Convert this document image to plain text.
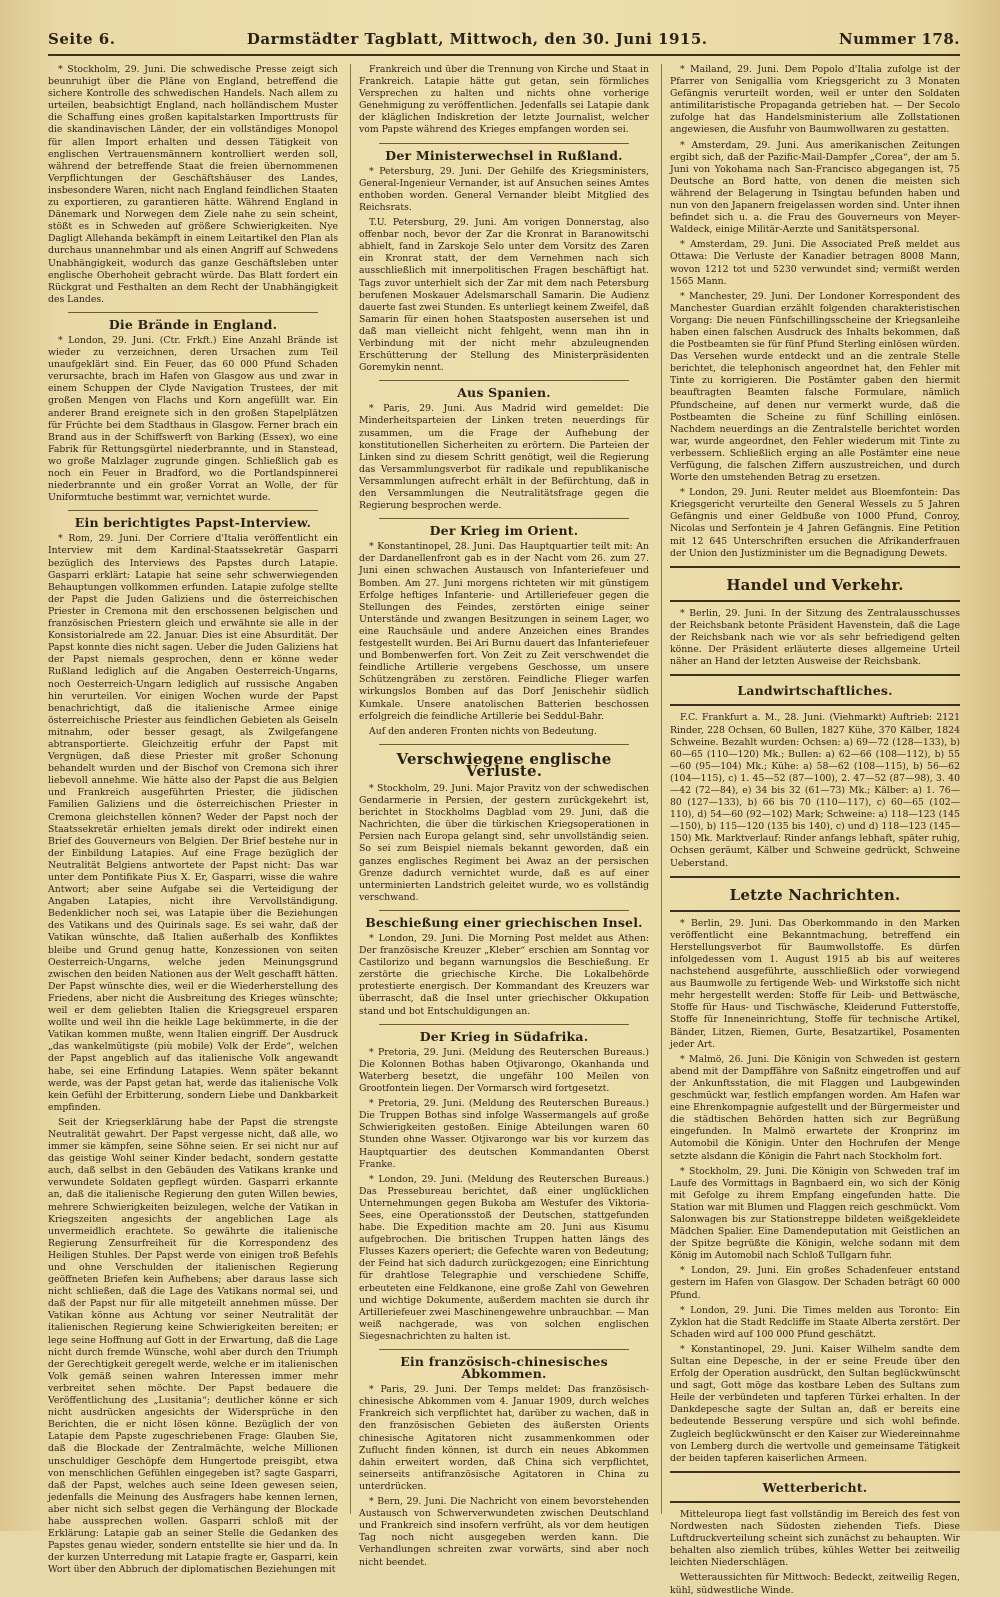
Seite 6.	Darmstädter Tagblatt, Mittwoch, den 30. Juni 1915.	Nummer 178.

* Stockholm, 29. Juni. Die schwedische Presse zeigt sich beunruhigt über die Pläne von England, betreffend die sichere Kontrolle des schwedischen Handels. Nach allem zu urteilen, beabsichtigt England, nach holländischem Muster die Schaffung eines großen kapitalstarken Importtrusts für die skandinavischen Länder, der ein vollständiges Monopol für allen Import erhalten und dessen Tätigkeit von englischen Vertrauensmännern kontrolliert werden soll, während der betreffende Staat die freien übernommenen Verpflichtungen der Geschäftshäuser des Landes, insbesondere Waren, nicht nach England feindlichen Staaten zu exportieren, zu garantieren hätte. Während England in Dänemark und Norwegen dem Ziele nahe zu sein scheint, stößt es in Schweden auf größere Schwierigkeiten. Nye Dagligt Allehanda bekämpft in einem Leitartikel den Plan als durchaus unannehmbar und als einen Angriff auf Schwedens Unabhängigkeit, wodurch das ganze Geschäftsleben unter englische Oberhoheit gebracht würde. Das Blatt fordert ein Rückgrat und Festhalten an dem Recht der Unabhängigkeit des Landes.

Die Brände in England.

* London, 29. Juni. (Ctr. Frkft.) Eine Anzahl Brände ist wieder zu verzeichnen, deren Ursachen zum Teil unaufgeklärt sind. Ein Feuer, das 60 000 Pfund Schaden verursachte, brach im Hafen von Glasgow aus und zwar in einem Schuppen der Clyde Navigation Trustees, der mit großen Mengen von Flachs und Korn angefüllt war. Ein anderer Brand ereignete sich in den großen Stapelplätzen für Früchte bei dem Stadthaus in Glasgow. Ferner brach ein Brand aus in der Schiffswerft von Barking (Essex), wo eine Fabrik für Rettungsgürtel niederbrannte, und in Stanstead, wo große Malzlager zugrunde gingen. Schließlich gab es noch ein Feuer in Bradford, wo die Portlandspinnerei niederbrannte und ein großer Vorrat an Wolle, der für Uniformtuche bestimmt war, vernichtet wurde.

Ein berichtigtes Papst-Interview.

* Rom, 29. Juni. Der Corriere d'Italia veröffentlicht ein Interview mit dem Kardinal-Staatssekretär Gasparri bezüglich des Interviews des Papstes durch Latapie. Gasparri erklärt: Latapie hat seine sehr schwerwiegenden Behauptungen vollkommen erfunden. Latapie zufolge stellte der Papst die Juden Galiziens und die österreichischen Priester in Cremona mit den erschossenen belgischen und französischen Priestern gleich und erwähnte sie alle in der Konsistorialrede am 22. Januar. Dies ist eine Absurdität. Der Papst konnte dies nicht sagen. Ueber die Juden Galiziens hat der Papst niemals gesprochen, denn er könne weder Rußland lediglich auf die Angaben Oesterreich-Ungarns, noch Oesterreich-Ungarn lediglich auf russische Angaben hin verurteilen. Vor einigen Wochen wurde der Papst benachrichtigt, daß die italienische Armee einige österreichische Priester aus feindlichen Gebieten als Geiseln mitnahm, oder besser gesagt, als Zwilgefangene abtransportierte. Gleichzeitig erfuhr der Papst mit Vergnügen, daß diese Priester mit großer Schonung behandelt wurden und der Bischof von Cremona sich ihrer liebevoll annehme. Wie hätte also der Papst die aus Belgien und Frankreich ausgeführten Priester, die jüdischen Familien Galiziens und die österreichischen Priester in Cremona gleichstellen können? Weder der Papst noch der Staatssekretär erhielten jemals direkt oder indirekt einen Brief des Gouverneurs von Belgien. Der Brief bestehe nur in der Einbildung Latapies. Auf eine Frage bezüglich der Neutralität Belgiens antwortete der Papst nicht: Das war unter dem Pontifikate Pius X. Er, Gasparri, wisse die wahre Antwort; aber seine Aufgabe sei die Verteidigung der Angaben Latapies, nicht ihre Vervollständigung. Bedenklicher noch sei, was Latapie über die Beziehungen des Vatikans und des Quirinals sage. Es sei wahr, daß der Vatikan wünschte, daß Italien außerhalb des Konfliktes bleibe und Grund genug hatte, Konzessionen von seiten Oesterreich-Ungarns, welche jeden Meinungsgrund zwischen den beiden Nationen aus der Welt geschafft hätten. Der Papst wünschte dies, weil er die Wiederherstellung des Friedens, aber nicht die Ausbreitung des Krieges wünschte; weil er dem geliebten Italien die Kriegsgreuel ersparen wollte und weil ihn die heikle Lage bekümmerte, in die der Vatikan kommen mußte, wenn Italien eingriff. Der Ausdruck „das wankelmütigste (più mobile) Volk der Erde“, welchen der Papst angeblich auf das italienische Volk angewandt habe, sei eine Erfindung Latapies. Wenn später bekannt werde, was der Papst getan hat, werde das italienische Volk kein Gefühl der Erbitterung, sondern Liebe und Dankbarkeit empfinden.

Seit der Kriegserklärung habe der Papst die strengste Neutralität gewahrt. Der Papst vergesse nicht, daß alle, wo immer sie kämpfen, seine Söhne seien. Er sei nicht nur auf das geistige Wohl seiner Kinder bedacht, sondern gestatte auch, daß selbst in den Gebäuden des Vatikans kranke und verwundete Soldaten gepflegt würden. Gasparri erkannte an, daß die italienische Regierung den guten Willen bewies, mehrere Schwierigkeiten beizulegen, welche der Vatikan in Kriegszeiten angesichts der angeblichen Lage als unvermeidlich erachtete. So gewährte die italienische Regierung Zensurfreiheit für die Korrespondenz des Heiligen Stuhles. Der Papst werde von einigen troß Befehls und ohne Verschulden der italienischen Regierung geöffneten Briefen kein Aufhebens; aber daraus lasse sich nicht schließen, daß die Lage des Vatikans normal sei, und daß der Papst nur für alle mitgeteilt annehmen müsse. Der Vatikan könne aus Achtung vor seiner Neutralität der italienischen Regierung keine Schwierigkeiten bereiten; er lege seine Hoffnung auf Gott in der Erwartung, daß die Lage nicht durch fremde Wünsche, wohl aber durch den Triumph der Gerechtigkeit geregelt werde, welche er im italienischen Volk gemäß seinen wahren Interessen immer mehr verbreitet sehen möchte. Der Papst bedauere die Veröffentlichung des „Lusitania“; deutlicher könne er sich nicht ausdrücken angesichts der Widersprüche in den Berichten, die er nicht lösen könne. Bezüglich der von Latapie dem Papste zugeschriebenen Frage: Glauben Sie, daß die Blockade der Zentralmächte, welche Millionen unschuldiger Geschöpfe dem Hungertode preisgibt, etwa von menschlichen Gefühlen eingegeben ist? sagte Gasparri, daß der Papst, welches auch seine Ideen gewesen seien, jedenfalls die Meinung des Ausfragers habe kennen lernen, aber nicht sich selbst gegen die Verhängung der Blockade habe aussprechen wollen. Gasparri schloß mit der Erklärung: Latapie gab an seiner Stelle die Gedanken des Papstes genau wieder, sondern entstellte sie hier und da. In der kurzen Unterredung mit Latapie fragte er, Gasparri, kein Wort über den Abbruch der diplomatischen Beziehungen mit

Frankreich und über die Trennung von Kirche und Staat in Frankreich. Latapie hätte gut getan, sein förmliches Versprechen zu halten und nichts ohne vorherige Genehmigung zu veröffentlichen. Jedenfalls sei Latapie dank der kläglichen Indiskretion der letzte Journalist, welcher vom Papste während des Krieges empfangen worden sei.

Der Ministerwechsel in Rußland.

* Petersburg, 29. Juni. Der Gehilfe des Kriegsministers, General-Ingenieur Vernander, ist auf Ansuchen seines Amtes enthoben worden. General Vernander bleibt Mitglied des Reichsrats.

T.U. Petersburg, 29. Juni. Am vorigen Donnerstag, also offenbar noch, bevor der Zar die Kronrat in Baranowitschi abhielt, fand in Zarskoje Selo unter dem Vorsitz des Zaren ein Kronrat statt, der dem Vernehmen nach sich ausschließlich mit innerpolitischen Fragen beschäftigt hat. Tags zuvor unterhielt sich der Zar mit dem nach Petersburg berufenen Moskauer Adelsmarschall Samarin. Die Audienz dauerte fast zwei Stunden. Es unterliegt keinem Zweifel, daß Samarin für einen hohen Staatsposten ausersehen ist und daß man vielleicht nicht fehlgeht, wenn man ihn in Verbindung mit der nicht mehr abzuleugnenden Erschütterung der Stellung des Ministerpräsidenten Goremykin nennt.

Aus Spanien.

* Paris, 29. Juni. Aus Madrid wird gemeldet: Die Minderheitsparteien der Linken treten neuerdings für zusammen, um die Frage der Aufhebung der konstitutionellen Sicherheiten zu erörtern. Die Parteien der Linken sind zu diesem Schritt genötigt, weil die Regierung das Versammlungsverbot für radikale und republikanische Versammlungen aufrecht erhält in der Befürchtung, daß in den Versammlungen die Neutralitätsfrage gegen die Regierung besprochen werde.

Der Krieg im Orient.

* Konstantinopel, 28. Juni. Das Hauptquartier teilt mit: An der Dardanellenfront gab es in der Nacht vom 26. zum 27. Juni einen schwachen Austausch von Infanteriefeuer und Bomben. Am 27. Juni morgens richteten wir mit günstigem Erfolge heftiges Infanterie- und Artilleriefeuer gegen die Stellungen des Feindes, zerstörten einige seiner Unterstände und zwangen Besitzungen in seinem Lager, wo eine Rauchsäule und andere Anzeichen eines Brandes festgestellt wurden. Bei Ari Burnu dauert das Infanteriefeuer und Bombenwerfen fort. Von Zeit zu Zeit verschwendet die feindliche Artillerie vergebens Geschosse, um unsere Schützengräben zu zerstören. Feindliche Flieger warfen wirkungslos Bomben auf das Dorf Jenischehir südlich Kumkale. Unsere anatolischen Batterien beschossen erfolgreich die feindliche Artillerie bei Seddul-Bahr.

Auf den anderen Fronten nichts von Bedeutung.

Verschwiegene englische Verluste.

* Stockholm, 29. Juni. Major Pravitz von der schwedischen Gendarmerie in Persien, der gestern zurückgekehrt ist, berichtet in Stockholms Dagblad vom 29. Juni, daß die Nachrichten, die über die türkischen Kriegsoperationen in Persien nach Europa gelangt sind, sehr unvollständig seien. So sei zum Beispiel niemals bekannt geworden, daß ein ganzes englisches Regiment bei Awaz an der persischen Grenze dadurch vernichtet wurde, daß es auf einer unterminierten Landstrich geleitet wurde, wo es vollständig verschwand.

Beschießung einer griechischen Insel.

* London, 29. Juni. Die Morning Post meldet aus Athen: Der französische Kreuzer „Kleber“ erschien am Sonntag vor Castilorizo und begann warnungslos die Beschießung. Er zerstörte die griechische Kirche. Die Lokalbehörde protestierte energisch. Der Kommandant des Kreuzers war überrascht, daß die Insel unter griechischer Okkupation stand und bot Entschuldigungen an.

Der Krieg in Südafrika.

* Pretoria, 29. Juni. (Meldung des Reuterschen Bureaus.) Die Kolonnen Bothas haben Otjivarongo, Okanhanda und Waterberg besetzt, die ungefähr 100 Meilen von Grootfontein liegen. Der Vormarsch wird fortgesetzt.

* Pretoria, 29. Juni. (Meldung des Reuterschen Bureaus.) Die Truppen Bothas sind infolge Wassermangels auf große Schwierigkeiten gestoßen. Einige Abteilungen waren 60 Stunden ohne Wasser. Otjivarongo war bis vor kurzem das Hauptquartier des deutschen Kommandanten Oberst Franke.

* London, 29. Juni. (Meldung des Reuterschen Bureaus.) Das Pressebureau berichtet, daß einer unglücklichen Unternehmungen gegen Bukoba am Westufer des Viktoria-Sees, eine Operationsstoß der Deutschen, stattgefunden habe. Die Expedition machte am 20. Juni aus Kisumu aufgebrochen. Die britischen Truppen hatten längs des Flusses Kazers operiert; die Gefechte waren von Bedeutung; der Feind hat sich dadurch zurückgezogen; eine Einrichtung für drahtlose Telegraphie und verschiedene Schiffe, erbeuteten eine Feldkanone, eine große Zahl von Gewehren und wichtige Dokumente, außerdem machten sie durch ihr Artilleriefeuer zwei Maschinengewehre unbrauchbar. — Man weiß nachgerade, was von solchen englischen Siegesnachrichten zu halten ist.

Ein französisch-chinesisches Abkommen.

* Paris, 29. Juni. Der Temps meldet: Das französisch-chinesische Abkommen vom 4. Januar 1909, durch welches Frankreich sich verpflichtet hat, darüber zu wachen, daß in den französischen Gebieten des äußersten Orients chinesische Agitatoren nicht zusammenkommen oder Zuflucht finden können, ist durch ein neues Abkommen dahin erweitert worden, daß China sich verpflichtet, seinerseits antifranzösische Agitatoren in China zu unterdrücken.

* Bern, 29. Juni. Die Nachricht von einem bevorstehenden Austausch von Schwerverwundeten zwischen Deutschland und Frankreich sind insofern verfrüht, als vor dem heutigen Tag noch nicht ausgegeben werden kann. Die Verhandlungen schreiten zwar vorwärts, sind aber noch nicht beendet.

* Mailand, 29. Juni. Dem Popolo d'Italia zufolge ist der Pfarrer von Senigallia vom Kriegsgericht zu 3 Monaten Gefängnis verurteilt worden, weil er unter den Soldaten antimilitaristische Propaganda getrieben hat. — Der Secolo zufolge hat das Handelsministerium alle Zollstationen angewiesen, die Ausfuhr von Baumwollwaren zu gestatten.

* Amsterdam, 29. Juni. Aus amerikanischen Zeitungen ergibt sich, daß der Pazific-Mail-Dampfer „Corea“, der am 5. Juni von Yokohama nach San-Francisco abgegangen ist, 75 Deutsche an Bord hatte, von denen die meisten sich während der Belagerung in Tsingtau befunden haben und nun von den Japanern freigelassen worden sind. Unter ihnen befindet sich u. a. die Frau des Gouverneurs von Meyer-Waldeck, einige Militär-Aerzte und Sanitätspersonal.

* Amsterdam, 29. Juni. Die Associated Preß meldet aus Ottawa: Die Verluste der Kanadier betragen 8008 Mann, wovon 1212 tot und 5230 verwundet sind; vermißt werden 1565 Mann.

* Manchester, 29. Juni. Der Londoner Korrespondent des Manchester Guardian erzählt folgenden charakteristischen Vorgang: Die neuen Fünfschillingsscheine der Kriegsanleihe haben einen falschen Ausdruck des Inhalts bekommen, daß die Postbeamten sie für fünf Pfund Sterling einlösen würden. Das Versehen wurde entdeckt und an die zentrale Stelle berichtet, die telephonisch angeordnet hat, den Fehler mit Tinte zu korrigieren. Die Postämter gaben den hiermit beauftragten Beamten falsche Formulare, nämlich Pfundscheine, auf denen nur vermerkt wurde, daß die Postbeamten die Scheine zu fünf Schilling einlösen. Nachdem neuerdings an die Zentralstelle berichtet worden war, wurde angeordnet, den Fehler wiederum mit Tinte zu verbessern. Schließlich erging an alle Postämter eine neue Verfügung, die falschen Ziffern auszustreichen, und durch Worte den umstehenden Betrag zu ersetzen.

* London, 29. Juni. Reuter meldet aus Bloemfontein: Das Kriegsgericht verurteilte den General Wessels zu 5 Jahren Gefängnis und einer Geldbuße von 1000 Pfund, Conroy, Nicolas und Serfontein je 4 Jahren Gefängnis. Eine Petition mit 12 645 Unterschriften ersuchen die Afrikanderfrauen der Union den Justizminister um die Begnadigung Dewets.

Handel und Verkehr.

* Berlin, 29. Juni. In der Sitzung des Zentralausschusses der Reichsbank betonte Präsident Havenstein, daß die Lage der Reichsbank nach wie vor als sehr befriedigend gelten könne. Der Präsident erläuterte dieses allgemeine Urteil näher an Hand der letzten Ausweise der Reichsbank.

Landwirtschaftliches.

F.C. Frankfurt a. M., 28. Juni. (Viehmarkt) Auftrieb: 2121 Rinder, 228 Ochsen, 60 Bullen, 1827 Kühe, 370 Kälber, 1824 Schweine. Bezahlt wurden: Ochsen: a) 69—72 (128—133), b) 60—65 (110—120) Mk.; Bullen: a) 62—66 (108—112), b) 55—60 (95—104) Mk.; Kühe: a) 58—62 (108—115), b) 56—62 (104—115), c) 1. 45—52 (87—100), 2. 47—52 (87—98), 3. 40—42 (72—84), e) 34 bis 32 (61—73) Mk.; Kälber: a) 1. 76—80 (127—133), b) 66 bis 70 (110—117), c) 60—65 (102—110), d) 54—60 (92—102) Mark; Schweine: a) 118—123 (145—150), b) 115—120 (135 bis 140), c) und d) 118—123 (145—150) Mk. Marktverlauf: Rinder anfangs lebhaft, später ruhig, Ochsen geräumt, Kälber und Schweine gedrückt, Schweine Ueberstand.

Letzte Nachrichten.

* Berlin, 29. Juni. Das Oberkommando in den Marken veröffentlicht eine Bekanntmachung, betreffend ein Herstellungsverbot für Baumwollstoffe. Es dürfen infolgedessen vom 1. August 1915 ab bis auf weiteres nachstehend ausgeführte, ausschließlich oder vorwiegend aus Baumwolle zu fertigende Web- und Wirkstoffe sich nicht mehr hergestellt werden: Stoffe für Leib- und Bettwäsche, Stoffe für Haus- und Tischwäsche, Kleiderund Futterstoffe, Stoffe für Inneneinrichtung, Stoffe für technische Artikel, Bänder, Litzen, Riemen, Gurte, Besatzartikel, Posamenten jeder Art.

* Malmö, 26. Juni. Die Königin von Schweden ist gestern abend mit der Dampffähre von Saßnitz eingetroffen und auf der Ankunftsstation, die mit Flaggen und Laubgewinden geschmückt war, festlich empfangen worden. Am Hafen war eine Ehrenkompagnie aufgestellt und der Bürgermeister und die städtischen Behörden hatten sich zur Begrüßung eingefunden. In Malmö erwartete der Kronprinz im Automobil die Königin. Unter den Hochrufen der Menge setzte alsdann die Königin die Fahrt nach Stockholm fort.

* Stockholm, 29. Juni. Die Königin von Schweden traf im Laufe des Vormittags in Bagnbaerd ein, wo sich der König mit Gefolge zu ihrem Empfang eingefunden hatte. Die Station war mit Blumen und Flaggen reich geschmückt. Vom Salonwagen bis zur Stationstreppe bildeten weißgekleidete Mädchen Spalier. Eine Damendeputation mit Geistlichen an der Spitze begrüßte die Königin, welche sodann mit dem König im Automobil nach Schloß Tullgarn fuhr.

* London, 29. Juni. Ein großes Schadenfeuer entstand gestern im Hafen von Glasgow. Der Schaden beträgt 60 000 Pfund.

* London, 29. Juni. Die Times melden aus Toronto: Ein Zyklon hat die Stadt Redcliffe im Staate Alberta zerstört. Der Schaden wird auf 100 000 Pfund geschätzt.

* Konstantinopel, 29. Juni. Kaiser Wilhelm sandte dem Sultan eine Depesche, in der er seine Freude über den Erfolg der Operation ausdrückt, den Sultan beglückwünscht und sagt, Gott möge das kostbare Leben des Sultans zum Heile der verbündeten und tapferen Türkei erhalten. In der Dankdepesche sagte der Sultan an, daß er bereits eine bedeutende Besserung verspüre und sich wohl befinde. Zugleich beglückwünscht er den Kaiser zur Wiedereinnahme von Lemberg durch die wertvolle und gemeinsame Tätigkeit der beiden tapferen kaiserlichen Armeen.

Wetterbericht.

Mitteleuropa liegt fast vollständig im Bereich des fest von Nordwesten nach Südosten ziehenden Tiefs. Diese Luftdruckverteilung scheint sich zunächst zu behaupten. Wir behalten also ziemlich trübes, kühles Wetter bei zeitweilig leichten Niederschlägen.

Wetteraussichten für Mittwoch: Bedeckt, zeitweilig Regen, kühl, südwestliche Winde.
